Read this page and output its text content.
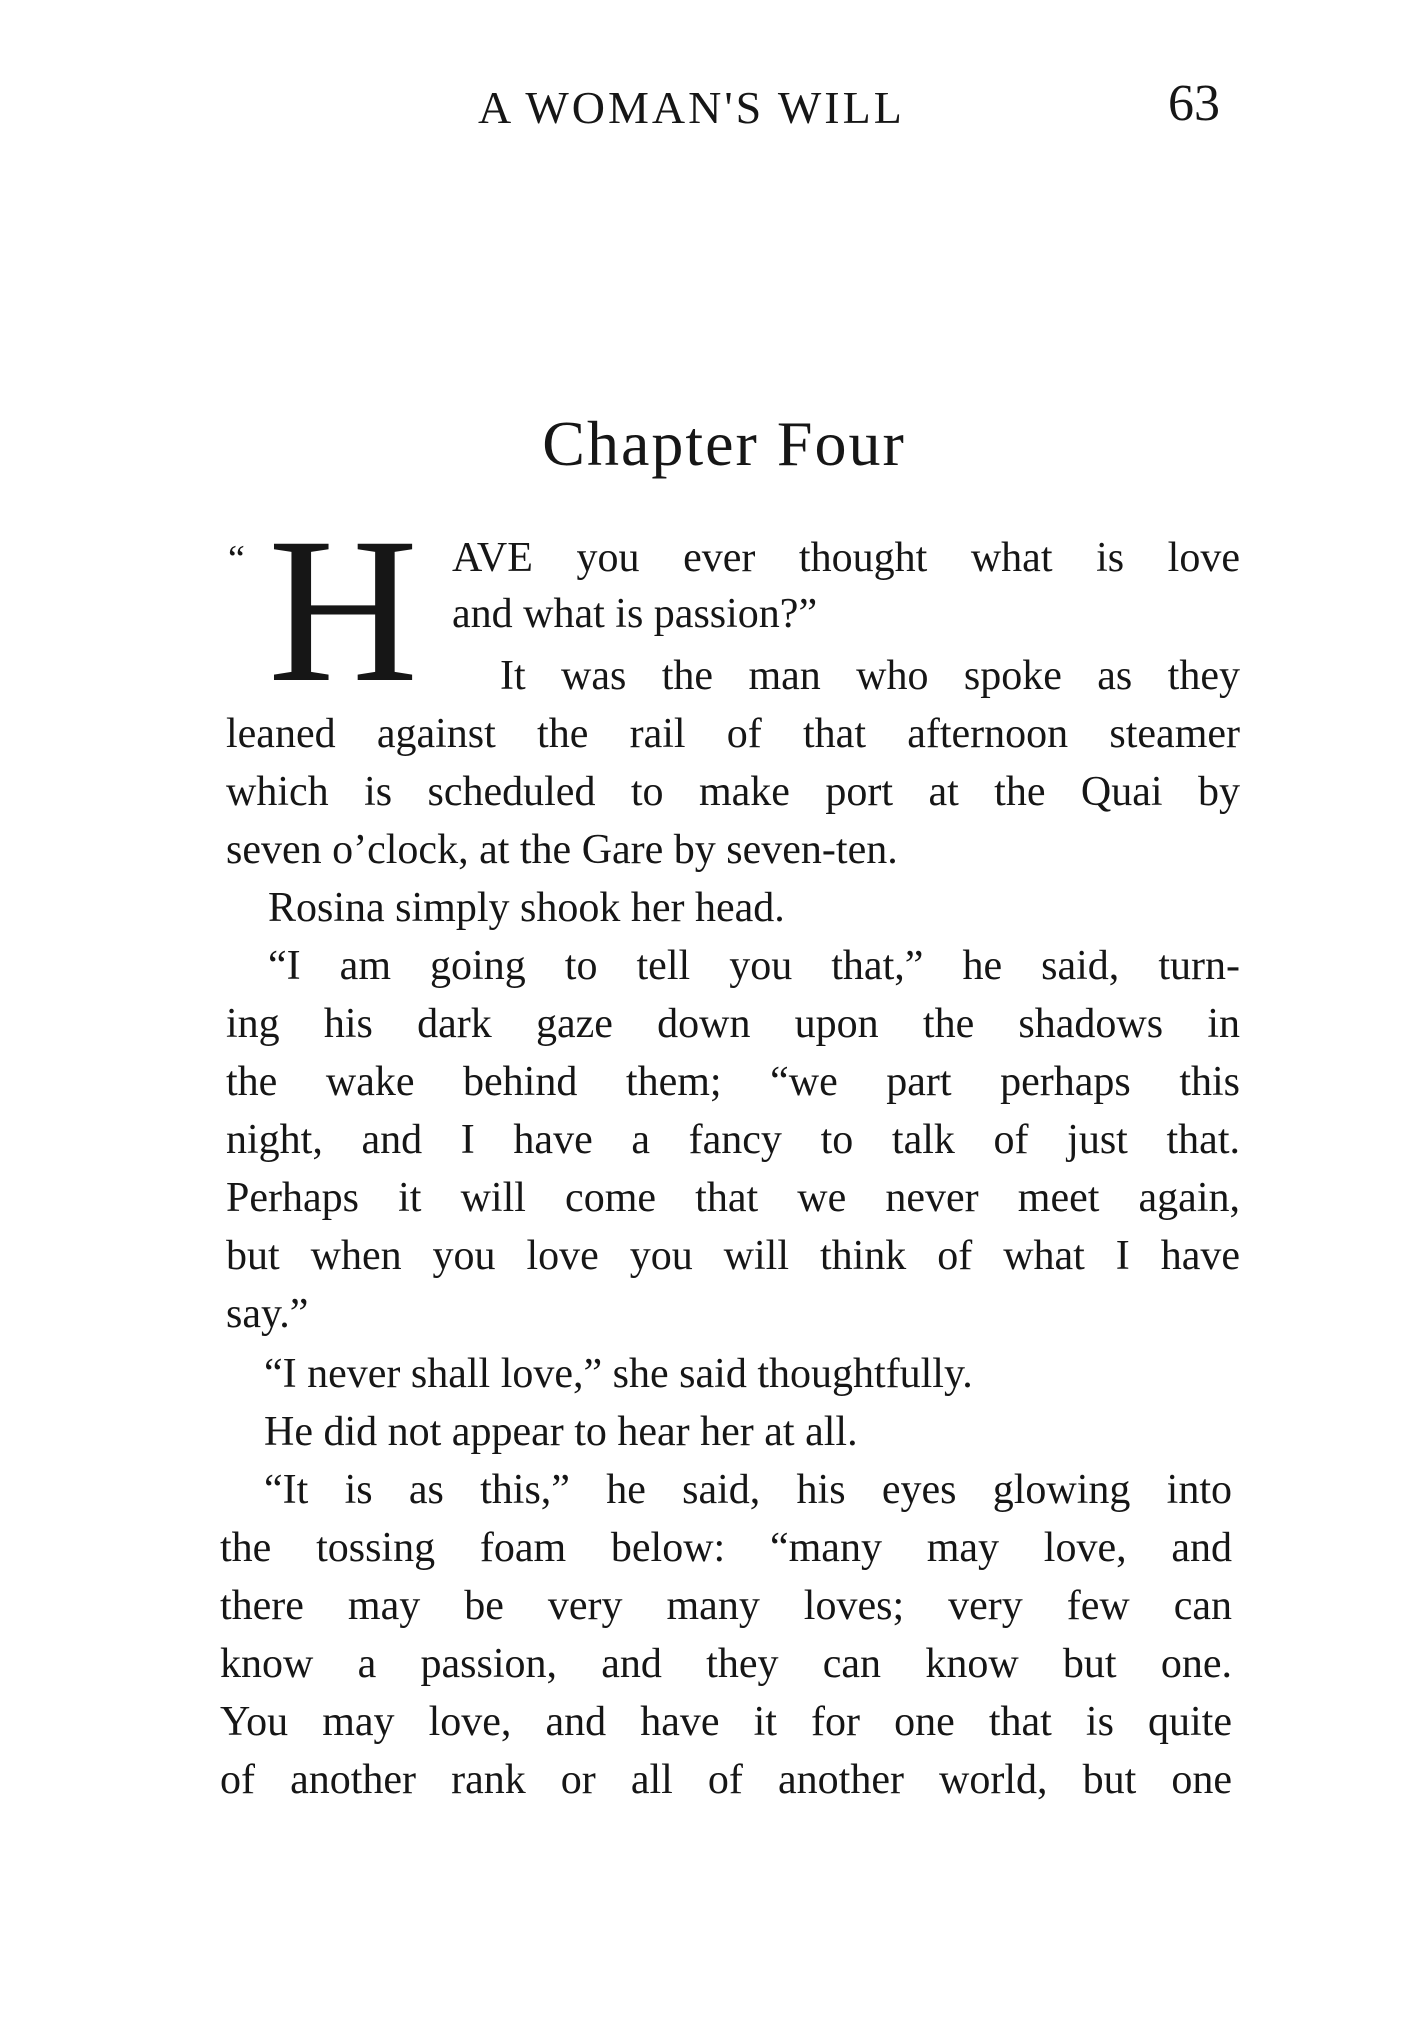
A WOMAN'S WILL	63
Chapter Four
“ H AVE you ever thought what is love
and what is passion?”
It was the man who spoke as they
leaned against the rail of that afternoon steamer
which is scheduled to make port at the Quai by
seven o’clock, at the Gare by seven-ten.
Rosina simply shook her head.
“I am going to tell you that,” he said, turn-
ing his dark gaze down upon the shadows in
the wake behind them; “we part perhaps this
night, and I have a fancy to talk of just that.
Perhaps it will come that we never meet again,
but when you love you will think of what I have
say.”
“I never shall love,” she said thoughtfully.
He did not appear to hear her at all.
“It is as this,” he said, his eyes glowing into
the tossing foam below: “many may love, and
there may be very many loves; very few can
know a passion, and they can know but one.
You may love, and have it for one that is quite
of another rank or all of another world, but one
